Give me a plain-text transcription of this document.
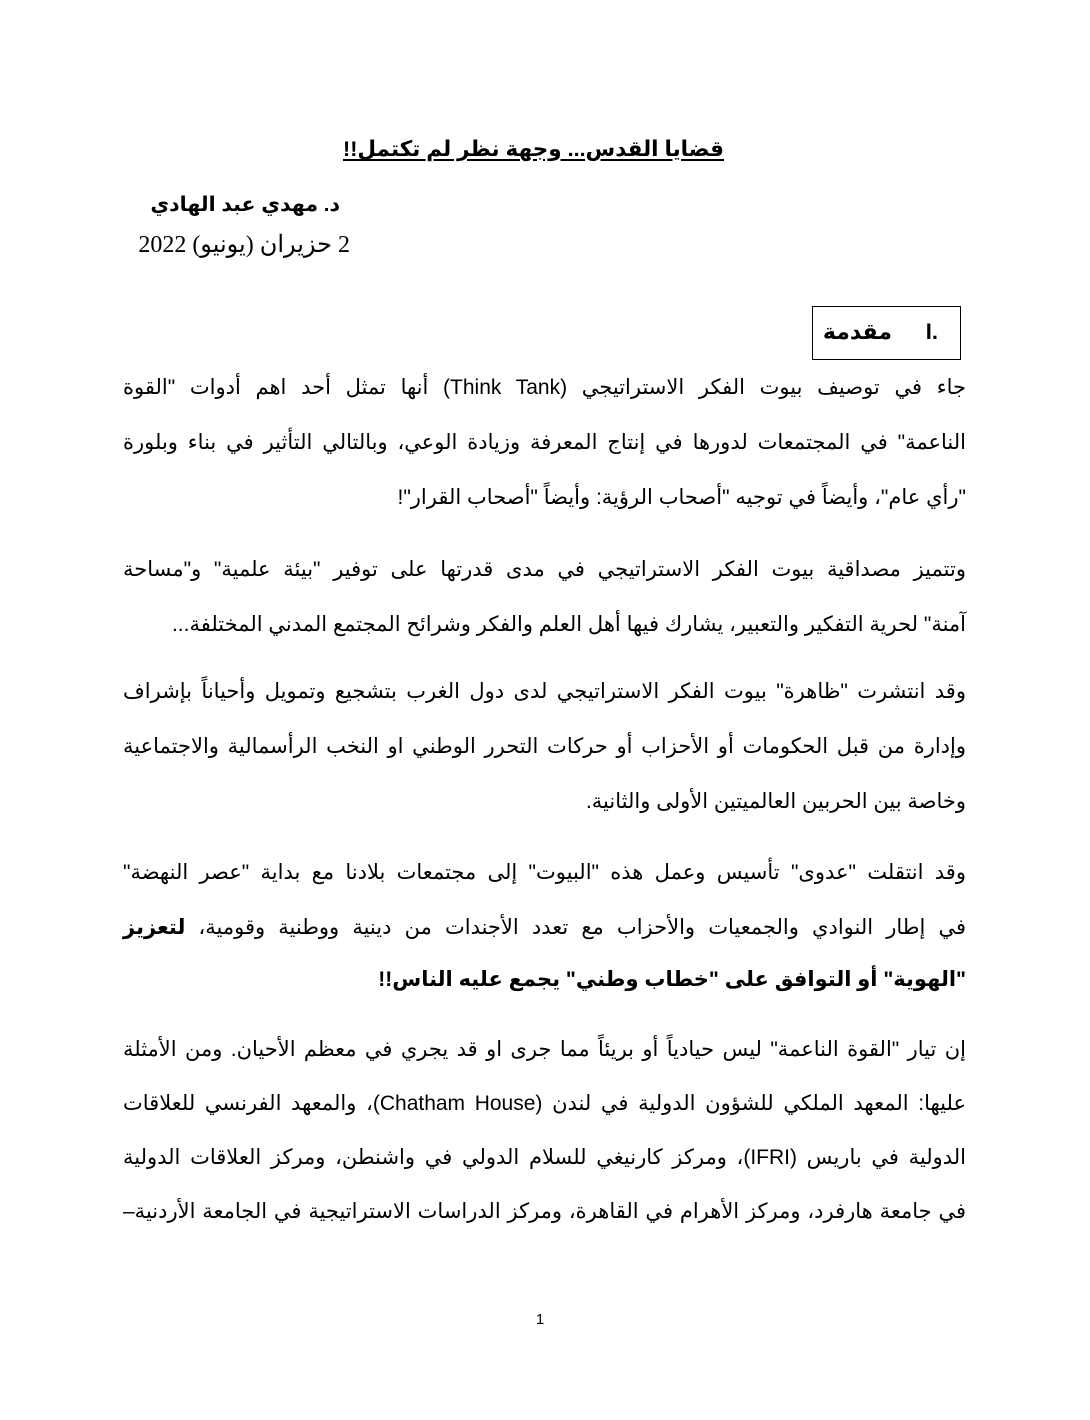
قضايا القدس... وجهة نظر لم تكتمل!!
د. مهدي عبد الهادي
2 حزيران (يونيو) 2022
I.
مقدمة
جاء في توصيف بيوت الفكر الاستراتيجي (Think Tank) أنها تمثل أحد اهم أدوات "القوة
الناعمة" في المجتمعات لدورها في إنتاج المعرفة وزيادة الوعي، وبالتالي التأثير في بناء وبلورة
"رأي عام"، وأيضاً في توجيه "أصحاب الرؤية: وأيضاً "أصحاب القرار"!
وتتميز مصداقية بيوت الفكر الاستراتيجي في مدى قدرتها على توفير "بيئة علمية" و"مساحة
آمنة" لحرية التفكير والتعبير، يشارك فيها أهل العلم والفكر وشرائح المجتمع المدني المختلفة...
وقد انتشرت "ظاهرة" بيوت الفكر الاستراتيجي لدى دول الغرب بتشجيع وتمويل وأحياناً بإشراف
وإدارة من قبل الحكومات أو الأحزاب أو حركات التحرر الوطني او النخب الرأسمالية والاجتماعية
وخاصة بين الحربين العالميتين الأولى والثانية.
وقد انتقلت "عدوى" تأسيس وعمل هذه "البيوت" إلى مجتمعات بلادنا مع بداية "عصر النهضة"
في إطار النوادي والجمعيات والأحزاب مع تعدد الأجندات من دينية ووطنية وقومية، لتعزيز
"الهوية" أو التوافق على "خطاب وطني" يجمع عليه الناس!!
إن تيار "القوة الناعمة" ليس حيادياً أو بريئاً مما جرى او قد يجري في معظم الأحيان. ومن الأمثلة
عليها: المعهد الملكي للشؤون الدولية في لندن (Chatham House)، والمعهد الفرنسي للعلاقات
الدولية في باريس (IFRI)، ومركز كارنيغي للسلام الدولي في واشنطن، ومركز العلاقات الدولية
في جامعة هارفرد، ومركز الأهرام في القاهرة، ومركز الدراسات الاستراتيجية في الجامعة الأردنية–
1
